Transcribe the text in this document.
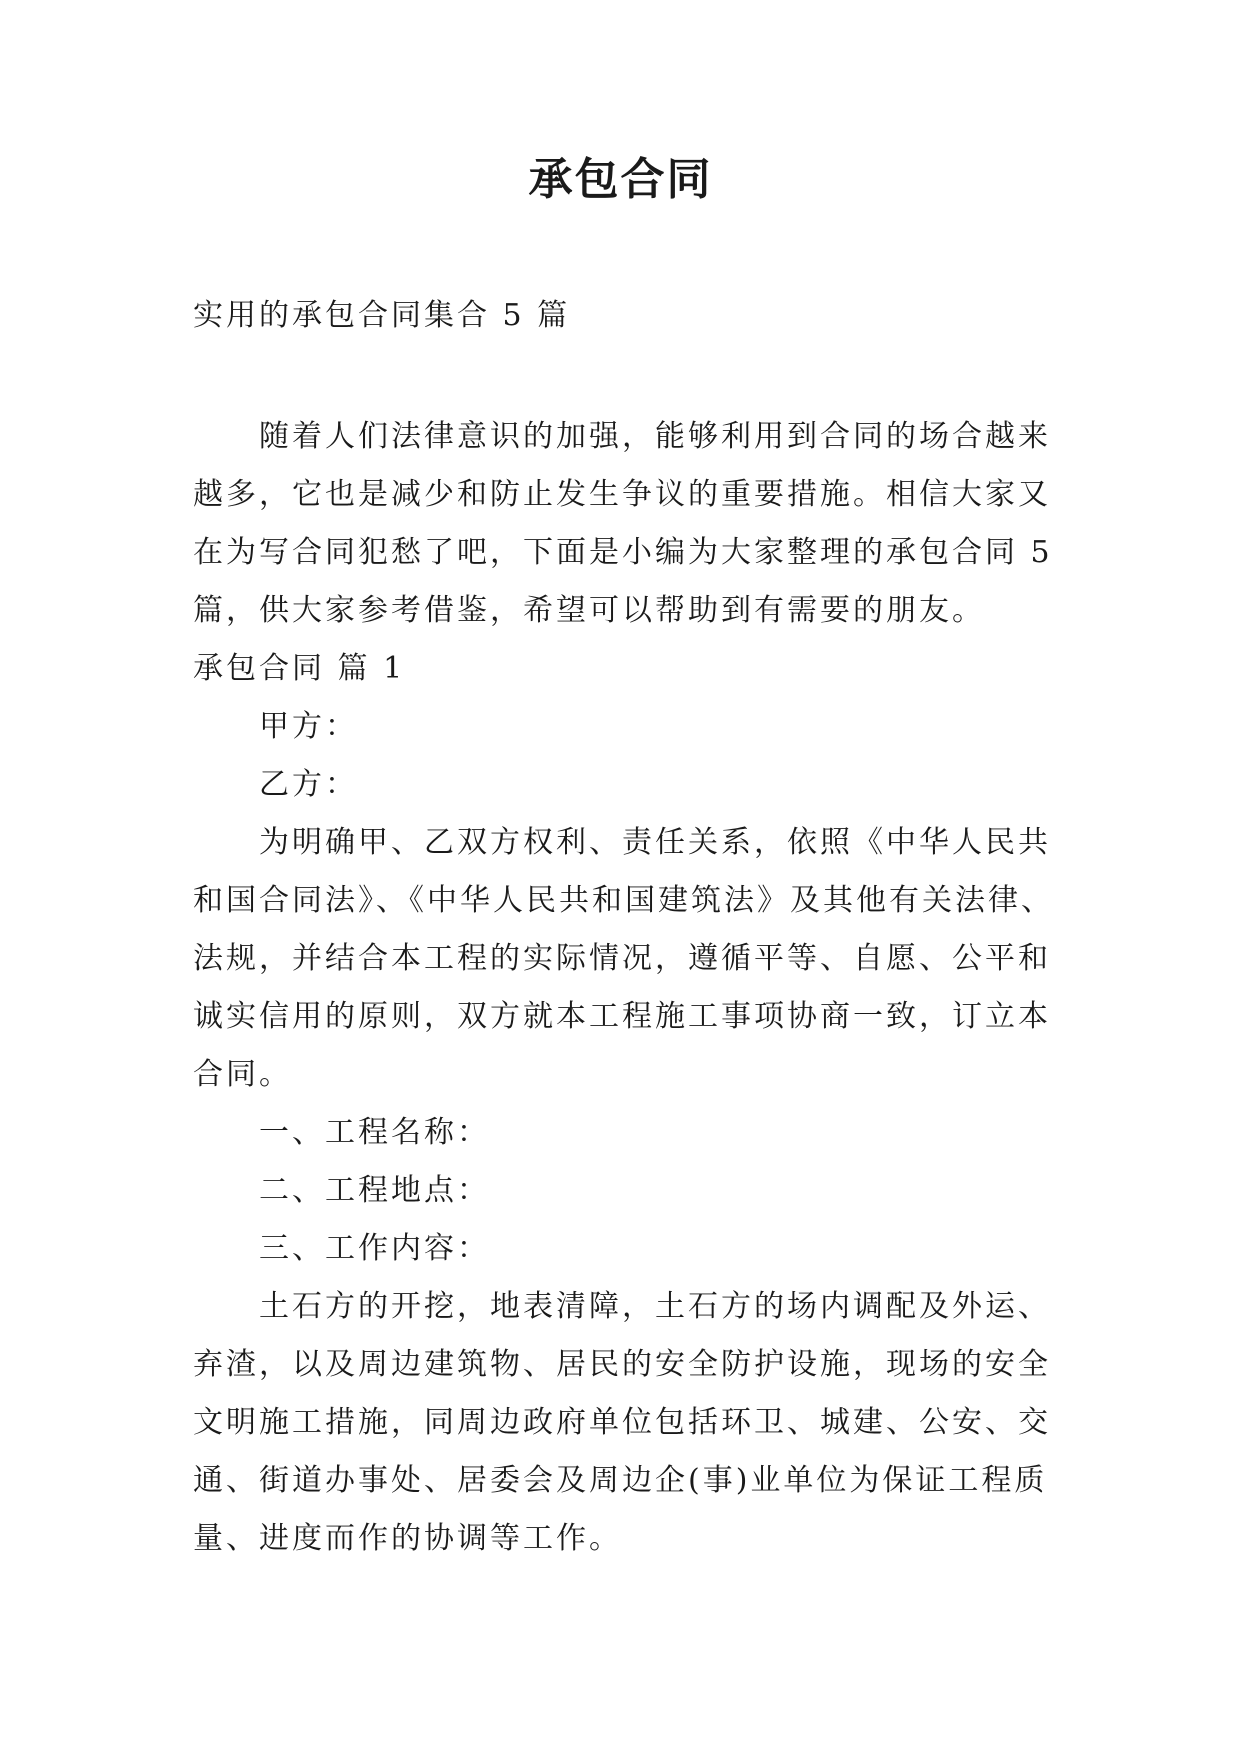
承包合同
实用的承包合同集合 5 篇
随着人们法律意识的加强，能够利用到合同的场合越来
越多，它也是减少和防止发生争议的重要措施。相信大家又
在为写合同犯愁了吧，下面是小编为大家整理的承包合同 5
篇，供大家参考借鉴，希望可以帮助到有需要的朋友。
承包合同 篇 1
甲方：
乙方：
为明确甲、乙双方权利、责任关系，依照《中华人民共
和国合同法》、《中华人民共和国建筑法》及其他有关法律、
法规，并结合本工程的实际情况，遵循平等、自愿、公平和
诚实信用的原则，双方就本工程施工事项协商一致，订立本
合同。
一、工程名称：
二、工程地点：
三、工作内容：
土石方的开挖，地表清障，土石方的场内调配及外运、
弃渣，以及周边建筑物、居民的安全防护设施，现场的安全
文明施工措施，同周边政府单位包括环卫、城建、公安、交
通、街道办事处、居委会及周边企(事)业单位为保证工程质
量、进度而作的协调等工作。
